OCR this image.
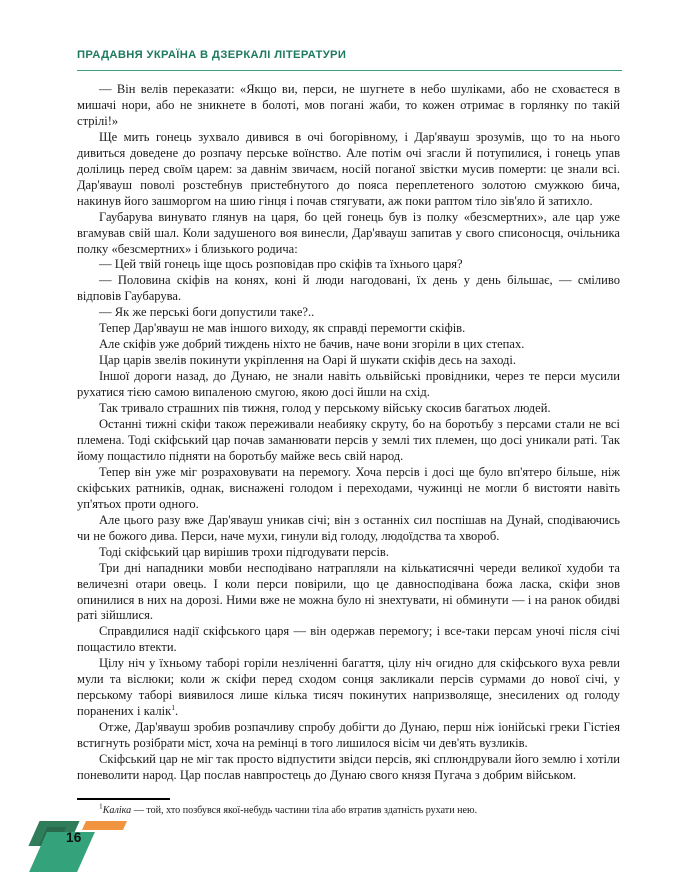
ПРАДАВНЯ УКРАЇНА В ДЗЕРКАЛІ ЛІТЕРАТУРИ

— Він велів переказати: «Якщо ви, перси, не шугнете в небо шуліками, або не сховаєтеся в мишачі нори, або не зникнете в болоті, мов погані жаби, то кожен отримає в горлянку по такій стрілі!»

Ще мить гонець зухвало дивився в очі богорівному, і Дар'явауш зрозумів, що то на нього дивиться доведене до розпачу перське воїнство. Але потім очі згасли й потупилися, і гонець упав долілиць перед своїм царем: за давнім звичаєм, носій поганої звістки мусив померти: це знали всі. Дар'явауш поволі розстебнув пристебнутого до пояса переплетеного золотою смужкою бича, накинув його зашморгом на шию гінця і почав стягувати, аж поки раптом тіло зів'яло й затихло.

Гаубарува винувато глянув на царя, бо цей гонець був із полку «безсмертних», але цар уже вгамував свій шал. Коли задушеного воя винесли, Дар'явауш запитав у свого списоносця, очільника полку «безсмертних» і близького родича:

— Цей твій гонець іще щось розповідав про скіфів та їхнього царя?

— Половина скіфів на конях, коні й люди нагодовані, їх день у день більшає, — сміливо відповів Гаубарува.

— Як же перські боги допустили таке?..

Тепер Дар'явауш не мав іншого виходу, як справді перемогти скіфів.

Але скіфів уже добрий тиждень ніхто не бачив, наче вони згоріли в цих степах.

Цар царів звелів покинути укріплення на Оарі й шукати скіфів десь на заході.

Іншої дороги назад, до Дунаю, не знали навіть ольвійські провідники, через те перси мусили рухатися тією самою випаленою смугою, якою досі йшли на схід.

Так тривало страшних пів тижня, голод у перському війську скосив багатьох людей.

Останні тижні скіфи також переживали неабияку скруту, бо на боротьбу з персами стали не всі племена. Тоді скіфський цар почав заманювати персів у землі тих племен, що досі уникали раті. Так йому пощастило підняти на боротьбу майже весь свій народ.

Тепер він уже міг розраховувати на перемогу. Хоча персів і досі ще було вп'ятеро більше, ніж скіфських ратників, однак, виснажені голодом і переходами, чужинці не могли б вистояти навіть уп'ятьох проти одного.

Але цього разу вже Дар'явауш уникав січі; він з останніх сил поспішав на Дунай, сподіваючись чи не божого дива. Перси, наче мухи, гинули від голоду, людоїдства та хвороб.

Тоді скіфський цар вирішив трохи підгодувати персів.

Три дні нападники мовби несподівано натрапляли на кількатисячні череди великої худоби та величезні отари овець. І коли перси повірили, що це давносподівана божа ласка, скіфи знов опинилися в них на дорозі. Ними вже не можна було ні знехтувати, ні обминути — і на ранок обидві раті зійшлися.

Справдилися надії скіфського царя — він одержав перемогу; і все-таки персам уночі після січі пощастило втекти.

Цілу ніч у їхньому таборі горіли незліченні багаття, цілу ніч огидно для скіфського вуха ревли мули та віслюки; коли ж скіфи перед сходом сонця закликали персів сурмами до нової січі, у перському таборі виявилося лише кілька тисяч покинутих напризволяще, знесилених од голоду поранених і калік$^1$.

Отже, Дар'явауш зробив розпачливу спробу добігти до Дунаю, перш ніж іонійські греки Гістіея встигнуть розібрати міст, хоча на ремінці в того лишилося вісім чи дев'ять вузликів.

Скіфський цар не міг так просто відпустити звідси персів, які сплюндрували його землю і хотіли поневолити народ. Цар послав навпростець до Дунаю свого князя Пугача з добрим військом.

$^1$Каліка — той, хто позбувся якої-небудь частини тіла або втратив здатність рухати нею.

16
